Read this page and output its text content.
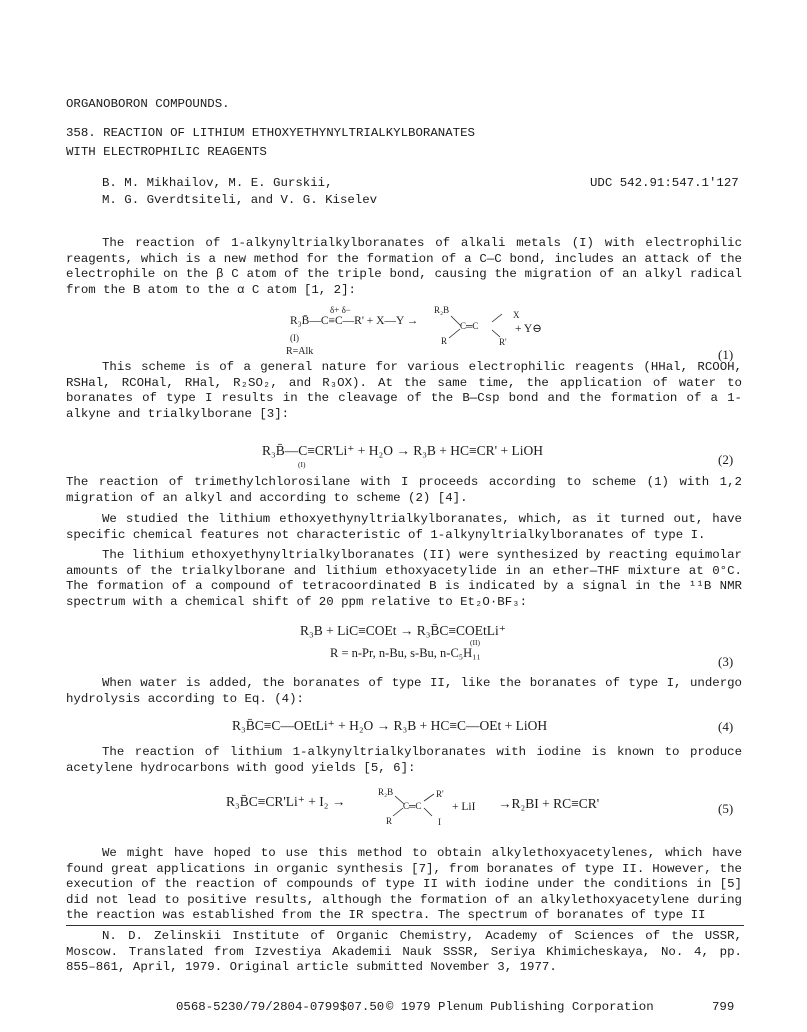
ORGANOBORON COMPOUNDS.
358. REACTION OF LITHIUM ETHOXYETHYNYLTRIALKYLBORANATES
WITH ELECTROPHILIC REAGENTS
B. M. Mikhailov, M. E. Gurskii,
M. G. Gverdtsiteli, and V. G. Kiselev
UDC 542.91:547.1'127
The reaction of 1-alkynyltrialkylboranates of alkali metals (I) with electrophilic reagents, which is a new method for the formation of a C—C bond, includes an attack of the electrophile on the β C atom of the triple bond, causing the migration of an alkyl radical from the B atom to the α C atom [1, 2]:
δ+ δ−
R₃B̄—C≡C—R' + X—Y →
(I)
R=Alk
R₂B	X
C═C
R	R'
+ Y⊖
(1)
This scheme is of a general nature for various electrophilic reagents (HHal, RCOOH, RSHal, RCOHal, RHal, R₂SO₂, and R₃OX). At the same time, the application of water to boranates of type I results in the cleavage of the B—Csp bond and the formation of a 1-alkyne and trialkylborane [3]:
R₃B̄—C≡CR'Li⁺ + H₂O → R₃B + HC≡CR' + LiOH
(I)	(2)
The reaction of trimethylchlorosilane with I proceeds according to scheme (1) with 1,2 migration of an alkyl and according to scheme (2) [4].
We studied the lithium ethoxyethynyltrialkylboranates, which, as it turned out, have specific chemical features not characteristic of 1-alkynyltrialkylboranates of type I.
The lithium ethoxyethynyltrialkylboranates (II) were synthesized by reacting equimolar amounts of the trialkylborane and lithium ethoxyacetylide in an ether—THF mixture at 0°C. The formation of a compound of tetracoordinated B is indicated by a signal in the ¹¹B NMR spectrum with a chemical shift of 20 ppm relative to Et₂O·BF₃:
R₃B + LiC≡COEt → R₃B̄C≡COEtLi⁺
(II)
R = n-Pr, n-Bu, s-Bu, n-C₅H₁₁
(3)
When water is added, the boranates of type II, like the boranates of type I, undergo hydrolysis according to Eq. (4):
R₃B̄C≡C—OEtLi⁺ + H₂O → R₃B + HC≡C—OEt + LiOH	(4)
The reaction of lithium 1-alkynyltrialkylboranates with iodine is known to produce acetylene hydrocarbons with good yields [5, 6]:
R₃B̄C≡CR'Li⁺ + I₂ →
R₂B	R'
C═C
R	I
+ LiI →R₂BI + RC≡CR'	(5)
We might have hoped to use this method to obtain alkylethoxyacetylenes, which have found great applications in organic synthesis [7], from boranates of type II. However, the execution of the reaction of compounds of type II with iodine under the conditions in [5] did not lead to positive results, although the formation of an alkylethoxyacetylene during the reaction was established from the IR spectra. The spectrum of boranates of type II
N. D. Zelinskii Institute of Organic Chemistry, Academy of Sciences of the USSR, Moscow. Translated from Izvestiya Akademii Nauk SSSR, Seriya Khimicheskaya, No. 4, pp. 855–861, April, 1979. Original article submitted November 3, 1977.
0568-5230/79/2804-0799$07.50 © 1979 Plenum Publishing Corporation	799
